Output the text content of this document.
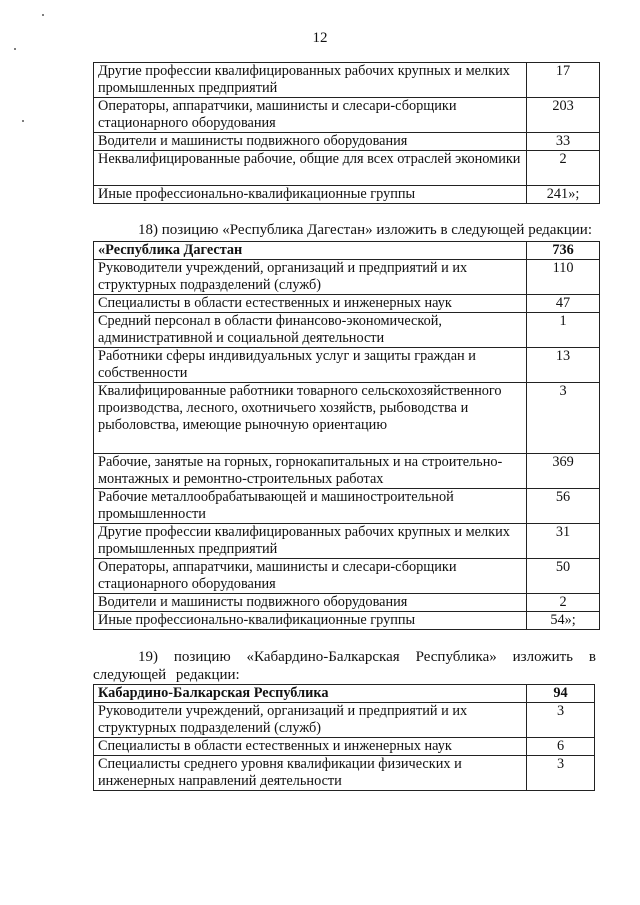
12
Другие профессии квалифицированных рабочих крупных и мелких промышленных предприятий	17
Операторы, аппаратчики, машинисты и слесари-сборщики стационарного оборудования	203
Водители и машинисты подвижного оборудования	33
Неквалифицированные рабочие, общие для всех отраслей экономики	2
Иные профессионально-квалификационные группы	241»;
18) позицию «Республика Дагестан» изложить в следующей редакции:
«Республика Дагестан	736
Руководители учреждений, организаций и предприятий и их структурных подразделений (служб)	110
Специалисты в области естественных и инженерных наук	47
Средний персонал в области финансово-экономической, административной и социальной деятельности	1
Работники сферы индивидуальных услуг и защиты граждан и собственности	13
Квалифицированные работники товарного сельскохозяйственного производства, лесного, охотничьего хозяйств, рыбоводства и рыболовства, имеющие рыночную ориентацию	3
Рабочие, занятые на горных, горнокапитальных и на строительно-монтажных и ремонтно-строительных работах	369
Рабочие металлообрабатывающей и машиностроительной промышленности	56
Другие профессии квалифицированных рабочих крупных и мелких промышленных предприятий	31
Операторы, аппаратчики, машинисты и слесари-сборщики стационарного оборудования	50
Водители и машинисты подвижного оборудования	2
Иные профессионально-квалификационные группы	54»;
19) позицию «Кабардино-Балкарская Республика» изложить в следующей редакции:
Кабардино-Балкарская Республика	94
Руководители учреждений, организаций и предприятий и их структурных подразделений (служб)	3
Специалисты в области естественных и инженерных наук	6
Специалисты среднего уровня квалификации физических и инженерных направлений деятельности	3
